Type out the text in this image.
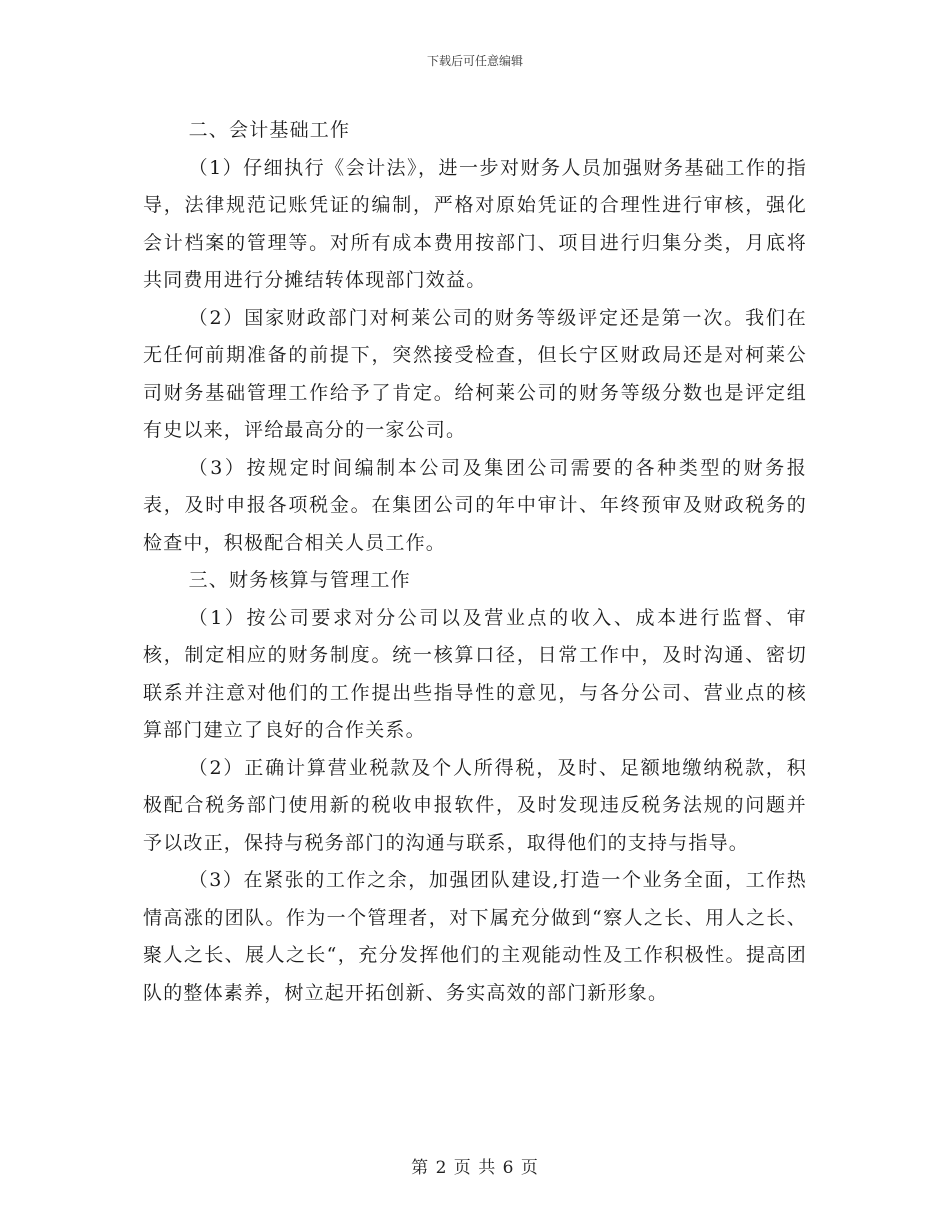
下载后可任意编辑

二、会计基础工作

（1）仔细执行《会计法》，进一步对财务人员加强财务基础工作的指导，法律规范记账凭证的编制，严格对原始凭证的合理性进行审核，强化会计档案的管理等。对所有成本费用按部门、项目进行归集分类，月底将共同费用进行分摊结转体现部门效益。

（2）国家财政部门对柯莱公司的财务等级评定还是第一次。我们在无任何前期准备的前提下，突然接受检查，但长宁区财政局还是对柯莱公司财务基础管理工作给予了肯定。给柯莱公司的财务等级分数也是评定组有史以来，评给最高分的一家公司。

（3）按规定时间编制本公司及集团公司需要的各种类型的财务报表，及时申报各项税金。在集团公司的年中审计、年终预审及财政税务的检查中，积极配合相关人员工作。

三、财务核算与管理工作

（1）按公司要求对分公司以及营业点的收入、成本进行监督、审核，制定相应的财务制度。统一核算口径，日常工作中，及时沟通、密切联系并注意对他们的工作提出些指导性的意见，与各分公司、营业点的核算部门建立了良好的合作关系。

（2）正确计算营业税款及个人所得税，及时、足额地缴纳税款，积极配合税务部门使用新的税收申报软件，及时发现违反税务法规的问题并予以改正，保持与税务部门的沟通与联系，取得他们的支持与指导。

（3）在紧张的工作之余，加强团队建设,打造一个业务全面，工作热情高涨的团队。作为一个管理者，对下属充分做到“察人之长、用人之长、聚人之长、展人之长“，充分发挥他们的主观能动性及工作积极性。提高团队的整体素养，树立起开拓创新、务实高效的部门新形象。

第 2 页 共 6 页
